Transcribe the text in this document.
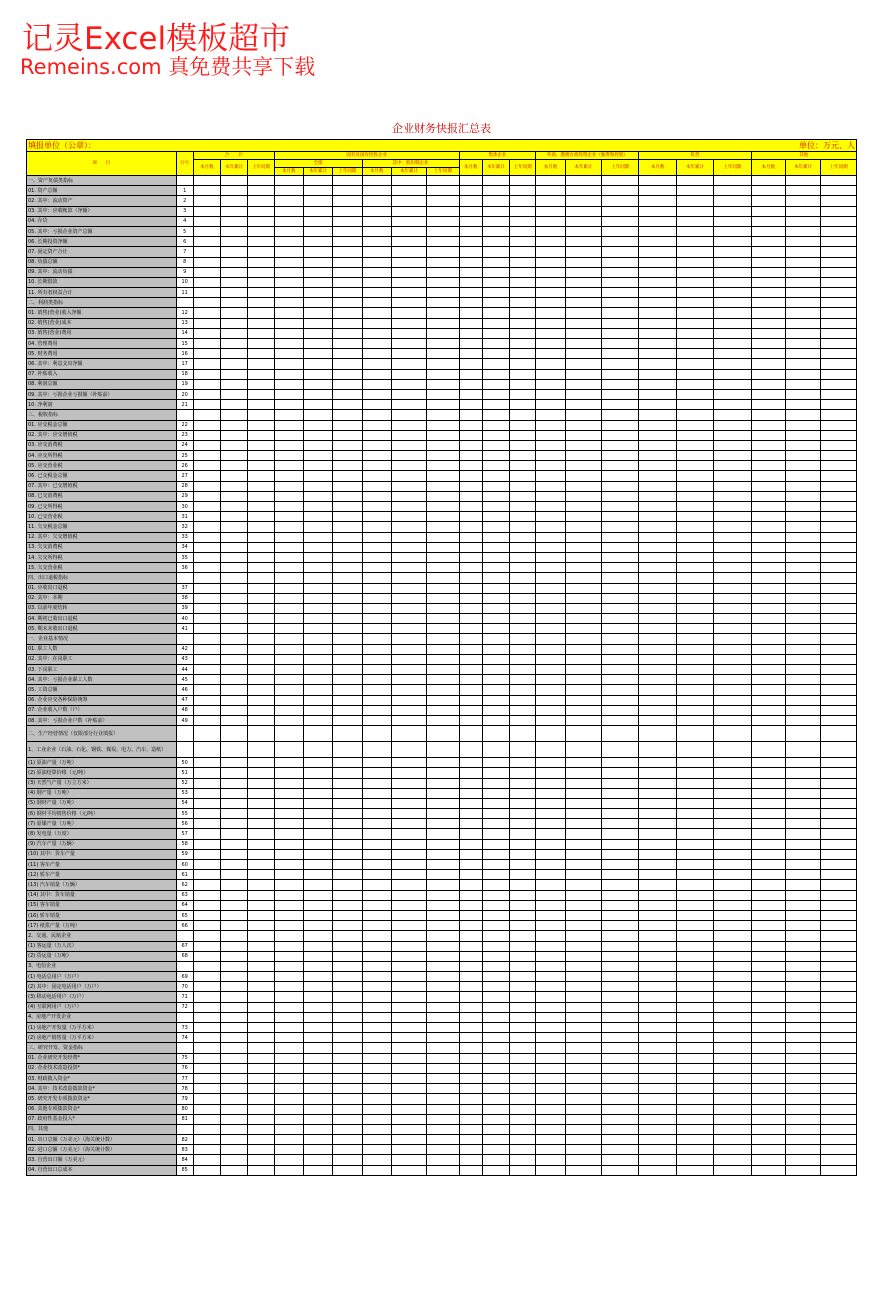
记灵Excel模板超市
Remeins.com 真免费共享下载
企业财务快报汇总表
填报单位（公章）： 单位：万元、人																						

项　　目	行号	合　　计			国有及国有控股企业						集体企业			外商、港澳台商投资企业（独资和控股）			私营			其他		
		本月数	本年累计	上年同期	全部			其中：股份制企业			本月数	本年累计	上年同期	本月数	本年累计	上年同期	本月数	本年累计	上年同期	本月数	本年累计	上年同期
					本月数	本年累计	上年同期	本月数	本年累计	上年同期												
一、资产负债类指标																						
01. 资产总额	1																					
02. 其中：流动资产	2																					
03. 其中：应收帐款（净额）	3																					
04. 存货	4																					
05. 其中：亏损企业资产总额	5																					
06. 长期投资净额	6																					
07. 固定资产合计	7																					
08. 负债总额	8																					
09. 其中：流动负债	9																					
10. 长期借款	10																					
11. 所有者权益合计	11																					
二、利润类指标																						
01. 销售(营业)收入净额	12																					
02. 销售(营业)成本	13																					
03. 销售(营业)费用	14																					
04. 管理费用	15																					
05. 财务费用	16																					
06. 其中：利息支出净额	17																					
07. 补贴收入	18																					
08. 利润总额	19																					
09. 其中：亏损企业亏损额（补贴前）	20																					
10. 净利润	21																					
三、税收指标																						
01. 应交税金总额	22																					
02. 其中：应交增值税	23																					
03. 应交消费税	24																					
04. 应交所得税	25																					
05. 应交营业税	26																					
06. 已交税金总额	27																					
07. 其中：已交增值税	28																					
08. 已交消费税	29																					
09. 已交所得税	30																					
10. 已交营业税	31																					
11. 欠交税金总额	32																					
12. 其中：欠交增值税	33																					
13. 欠交消费税	34																					
14. 欠交所得税	35																					
15. 欠交营业税	36																					
四、出口退税指标																						
01. 应收出口退税	37																					
02. 其中：本期	38																					
03. 以前年度结转	39																					
04. 期初已收出口退税	40																					
05. 期末未收出口退税	41																					
一、企业基本情况																						
01. 职工人数	42																					
02. 其中：在岗职工	43																					
03. 下岗职工	44																					
04. 其中：亏损企业职工人数	45																					
05. 工资总额	46																					
06. 企业应交各种保险统筹	47																					
07. 企业收入户数（户）	48																					
08. 其中：亏损企业户数（补贴前）	49																					
二、生产经营情况（仅限部分行业填报）																						
1、工业企业（石油、石化、钢铁、煤炭、电力、汽车、造纸）																						
(1) 原油产量（万吨）	50																					
(2) 原油结算价格（元/吨）	51																					
(3) 天然气产量（万立方米）	52																					
(4) 钢产量（万吨）	53																					
(5) 钢材产量（万吨）	54																					
(6) 钢材平均销售价格（元/吨）	55																					
(7) 原煤产量（万吨）	56																					
(8) 发电量（万度）	57																					
(9) 汽车产量（万辆）	58																					
(10) 其中：货车产量	59																					
(11) 客车产量	60																					
(12) 轿车产量	61																					
(13) 汽车销量（万辆）	62																					
(14) 其中：货车销量	63																					
(15) 客车销量	64																					
(16) 轿车销量	65																					
(17) 纸浆产量（万吨）	66																					
2、交通、民航企业																						
(1) 客运量（万人次）	67																					
(2) 货运量（万吨）	68																					
3、电信企业																						
(1) 电话总用户（万户）	69																					
(2) 其中：固定电话用户（万户）	70																					
(3) 移动电话用户（万户）	71																					
(4) 互联网用户（万户）	72																					
4、房地产开发企业																						
(1) 房地产开发量（万平方米）	73																					
(2) 房地产销售量（万平方米）	74																					
三、研究开发、资金指标																						
01. 企业研究开发经费*	75																					
02. 企业技术改造投资*	76																					
03. 财政拨入资金*	77																					
04. 其中：技术改造拨款资金*	78																					
05. 研究开发专项拨款资金*	79																					
06. 其他专项拨款资金*	80																					
07. 政府性基金投入*	81																					
四、其他																						
01. 出口总额（万美元）（海关统计数）	82																					
02. 进口总额（万美元）（海关统计数）	83																					
03. 自营出口额（万美元）	84																					
04. 自营出口总成本	85																					
